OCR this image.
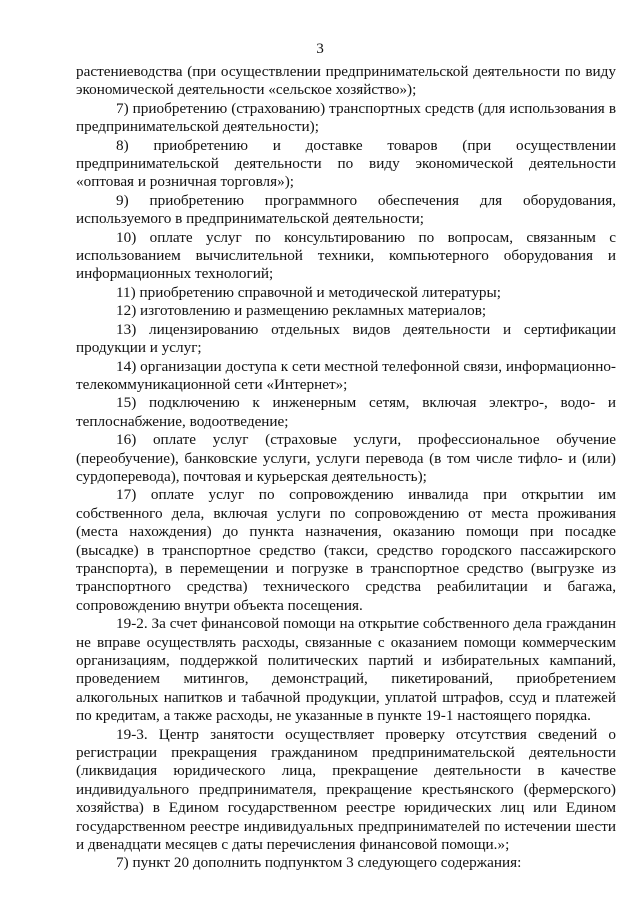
3

растениеводства (при осуществлении предпринимательской деятельности по виду экономической деятельности «сельское хозяйство»);

7) приобретению (страхованию) транспортных средств (для использования в предпринимательской деятельности);

8) приобретению и доставке товаров (при осуществлении предпринимательской деятельности по виду экономической деятельности «оптовая и розничная торговля»);

9) приобретению программного обеспечения для оборудования, используемого в предпринимательской деятельности;

10) оплате услуг по консультированию по вопросам, связанным с использованием вычислительной техники, компьютерного оборудования и информационных технологий;

11) приобретению справочной и методической литературы;

12) изготовлению и размещению рекламных материалов;

13) лицензированию отдельных видов деятельности и сертификации продукции и услуг;

14) организации доступа к сети местной телефонной связи, информационно-телекоммуникационной сети «Интернет»;

15) подключению к инженерным сетям, включая электро-, водо- и теплоснабжение, водоотведение;

16) оплате услуг (страховые услуги, профессиональное обучение (переобучение), банковские услуги, услуги перевода (в том числе тифло- и (или) сурдоперевода), почтовая и курьерская деятельность);

17) оплате услуг по сопровождению инвалида при открытии им собственного дела, включая услуги по сопровождению от места проживания (места нахождения) до пункта назначения, оказанию помощи при посадке (высадке) в транспортное средство (такси, средство городского пассажирского транспорта), в перемещении и погрузке в транспортное средство (выгрузке из транспортного средства) технического средства реабилитации и багажа, сопровождению внутри объекта посещения.

19-2. За счет финансовой помощи на открытие собственного дела гражданин не вправе осуществлять расходы, связанные с оказанием помощи коммерческим организациям, поддержкой политических партий и избирательных кампаний, проведением митингов, демонстраций, пикетирований, приобретением алкогольных напитков и табачной продукции, уплатой штрафов, ссуд и платежей по кредитам, а также расходы, не указанные в пункте 19-1 настоящего порядка.

19-3. Центр занятости осуществляет проверку отсутствия сведений о регистрации прекращения гражданином предпринимательской деятельности (ликвидация юридического лица, прекращение деятельности в качестве индивидуального предпринимателя, прекращение крестьянского (фермерского) хозяйства) в Едином государственном реестре юридических лиц или Едином государственном реестре индивидуальных предпринимателей по истечении шести и двенадцати месяцев с даты перечисления финансовой помощи.»;

7) пункт 20 дополнить подпунктом 3 следующего содержания:
